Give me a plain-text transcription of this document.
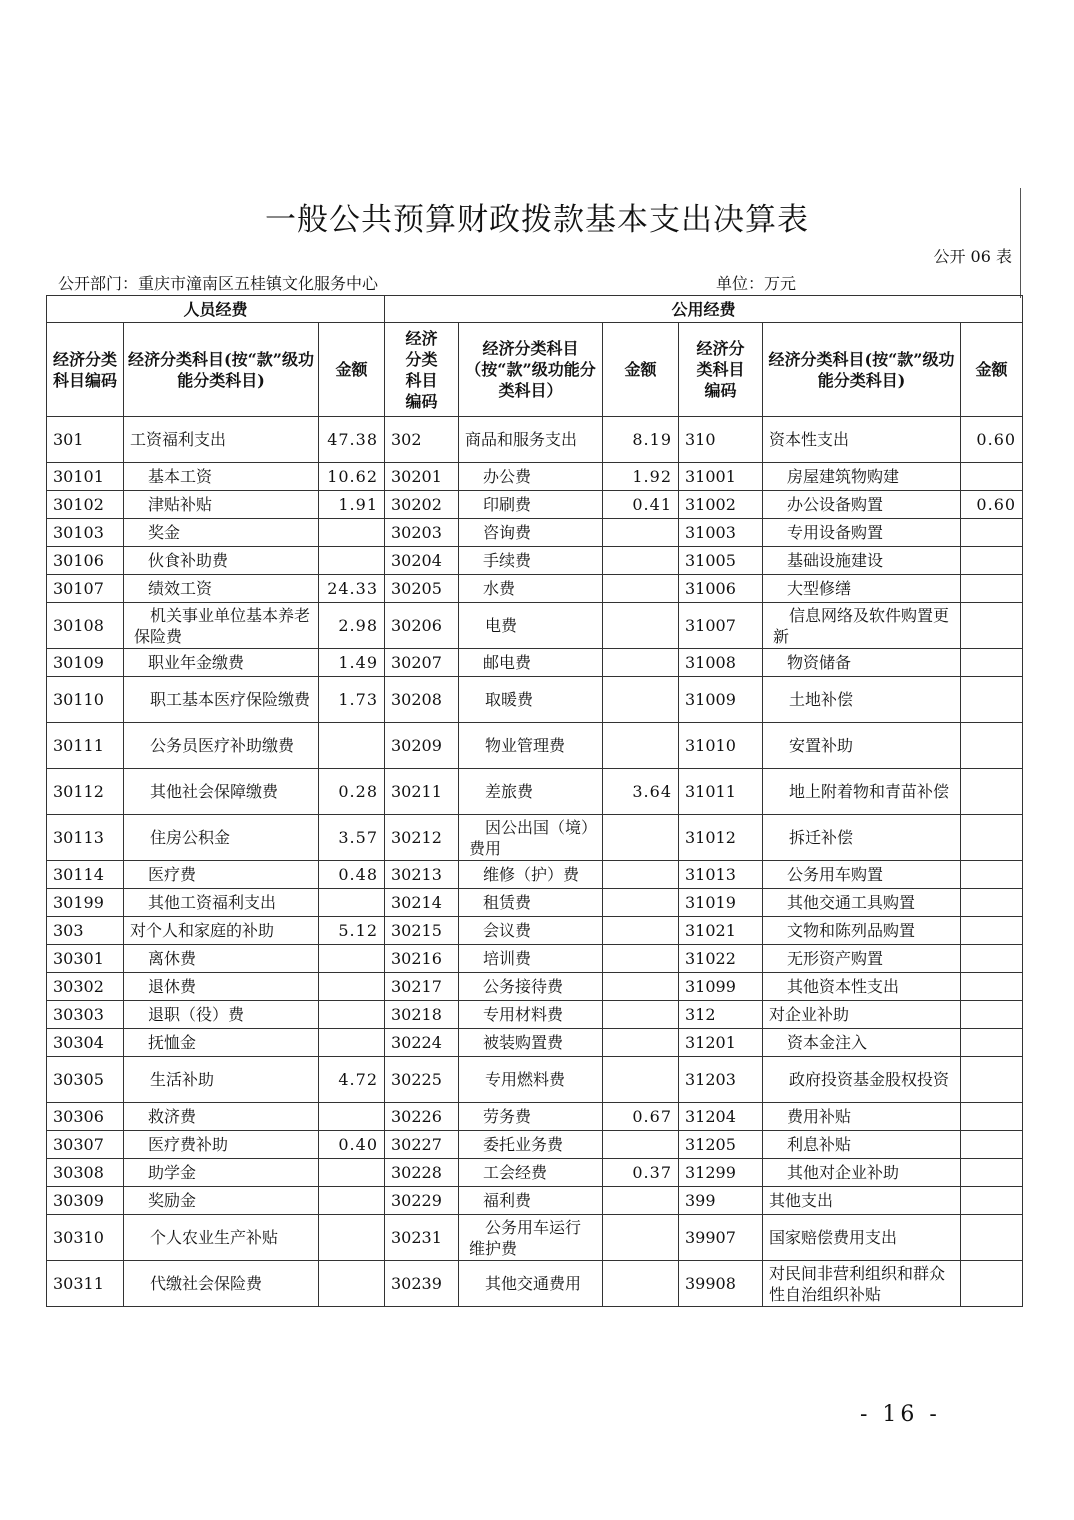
一般公共预算财政拨款基本支出决算表
公开 06 表
公开部门：重庆市潼南区五桂镇文化服务中心	单位：万元
人员经费			公用经费					
经济分类科目编码	经济分类科目(按“款”级功能分类科目)	金额	经济分类科目编码	经济分类科目（按“款”级功能分类科目）	金额	经济分类科目编码	经济分类科目(按“款”级功能分类科目)	金额
301	工资福利支出	47.38	302	商品和服务支出	8.19	310	资本性支出	0.60
30101	基本工资	10.62	30201	办公费	1.92	31001	房屋建筑物购建	
30102	津贴补贴	1.91	30202	印刷费	0.41	31002	办公设备购置	0.60
30103	奖金		30203	咨询费		31003	专用设备购置	
30106	伙食补助费		30204	手续费		31005	基础设施建设	
30107	绩效工资	24.33	30205	水费		31006	大型修缮	
30108	机关事业单位基本养老保险费	2.98	30206	电费		31007	信息网络及软件购置更新	
30109	职业年金缴费	1.49	30207	邮电费		31008	物资储备	
30110	职工基本医疗保险缴费	1.73	30208	取暖费		31009	土地补偿	
30111	公务员医疗补助缴费		30209	物业管理费		31010	安置补助	
30112	其他社会保障缴费	0.28	30211	差旅费	3.64	31011	地上附着物和青苗补偿	
30113	住房公积金	3.57	30212	因公出国（境）费用		31012	拆迁补偿	
30114	医疗费	0.48	30213	维修（护）费		31013	公务用车购置	
30199	其他工资福利支出		30214	租赁费		31019	其他交通工具购置	
303	对个人和家庭的补助	5.12	30215	会议费		31021	文物和陈列品购置	
30301	离休费		30216	培训费		31022	无形资产购置	
30302	退休费		30217	公务接待费		31099	其他资本性支出	
30303	退职（役）费		30218	专用材料费		312	对企业补助	
30304	抚恤金		30224	被装购置费		31201	资本金注入	
30305	生活补助	4.72	30225	专用燃料费		31203	政府投资基金股权投资	
30306	救济费		30226	劳务费	0.67	31204	费用补贴	
30307	医疗费补助	0.40	30227	委托业务费		31205	利息补贴	
30308	助学金		30228	工会经费	0.37	31299	其他对企业补助	
30309	奖励金		30229	福利费		399	其他支出	
30310	个人农业生产补贴		30231	公务用车运行维护费		39907	国家赔偿费用支出	
30311	代缴社会保险费		30239	其他交通费用		39908	对民间非营利组织和群众性自治组织补贴	
- 16 -
